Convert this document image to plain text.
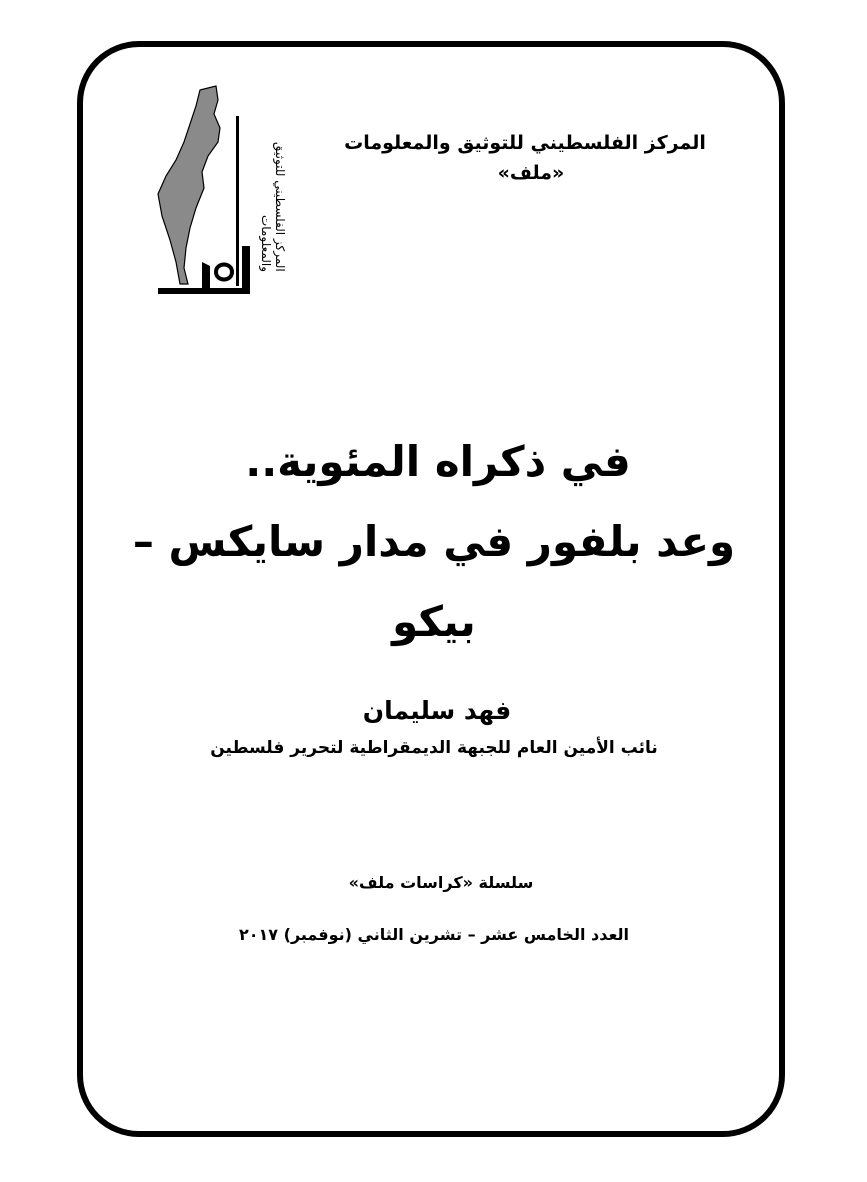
المركز الفلسطيني للتوثيق والمعلومات
المركز الفلسطيني للتوثيق والمعلومات
«ملف»
في ذكراه المئوية..
وعد بلفور في مدار سايكس – بيكو
فهد سليمان
نائب الأمين العام للجبهة الديمقراطية لتحرير فلسطين
سلسلة «كراسات ملف»
العدد الخامس عشر – تشرين الثاني (نوفمبر) ٢٠١٧
